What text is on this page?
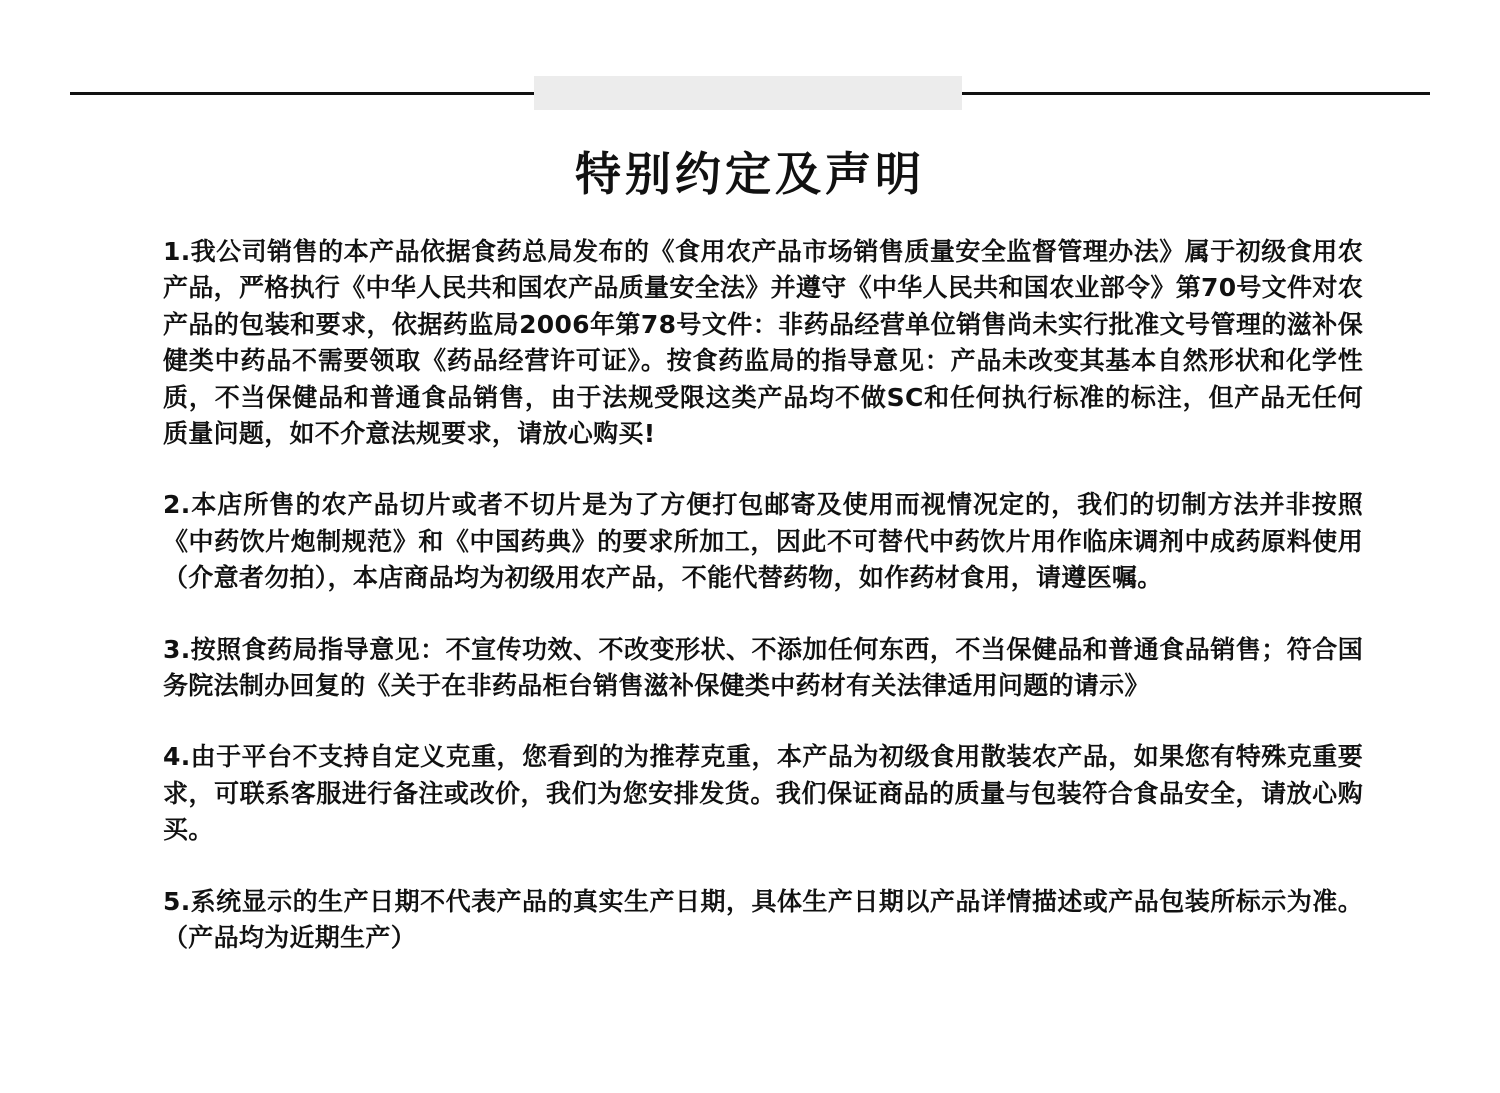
特别约定及声明

1.我公司销售的本产品依据食药总局发布的《食用农产品市场销售质量安全监督管理办法》属于初级食用农产品，严格执行《中华人民共和国农产品质量安全法》并遵守《中华人民共和国农业部令》第70号文件对农产品的包装和要求，依据药监局2006年第78号文件：非药品经营单位销售尚未实行批准文号管理的滋补保健类中药品不需要领取《药品经营许可证》。按食药监局的指导意见：产品未改变其基本自然形状和化学性质，不当保健品和普通食品销售，由于法规受限这类产品均不做SC和任何执行标准的标注，但产品无任何质量问题，如不介意法规要求，请放心购买!

2.本店所售的农产品切片或者不切片是为了方便打包邮寄及使用而视情况定的，我们的切制方法并非按照《中药饮片炮制规范》和《中国药典》的要求所加工，因此不可替代中药饮片用作临床调剂中成药原料使用（介意者勿拍），本店商品均为初级用农产品，不能代替药物，如作药材食用，请遵医嘱。

3.按照食药局指导意见：不宣传功效、不改变形状、不添加任何东西，不当保健品和普通食品销售；符合国务院法制办回复的《关于在非药品柜台销售滋补保健类中药材有关法律适用问题的请示》

4.由于平台不支持自定义克重，您看到的为推荐克重，本产品为初级食用散装农产品，如果您有特殊克重要求，可联系客服进行备注或改价，我们为您安排发货。我们保证商品的质量与包装符合食品安全，请放心购买。

5.系统显示的生产日期不代表产品的真实生产日期，具体生产日期以产品详情描述或产品包装所标示为准。（产品均为近期生产）
